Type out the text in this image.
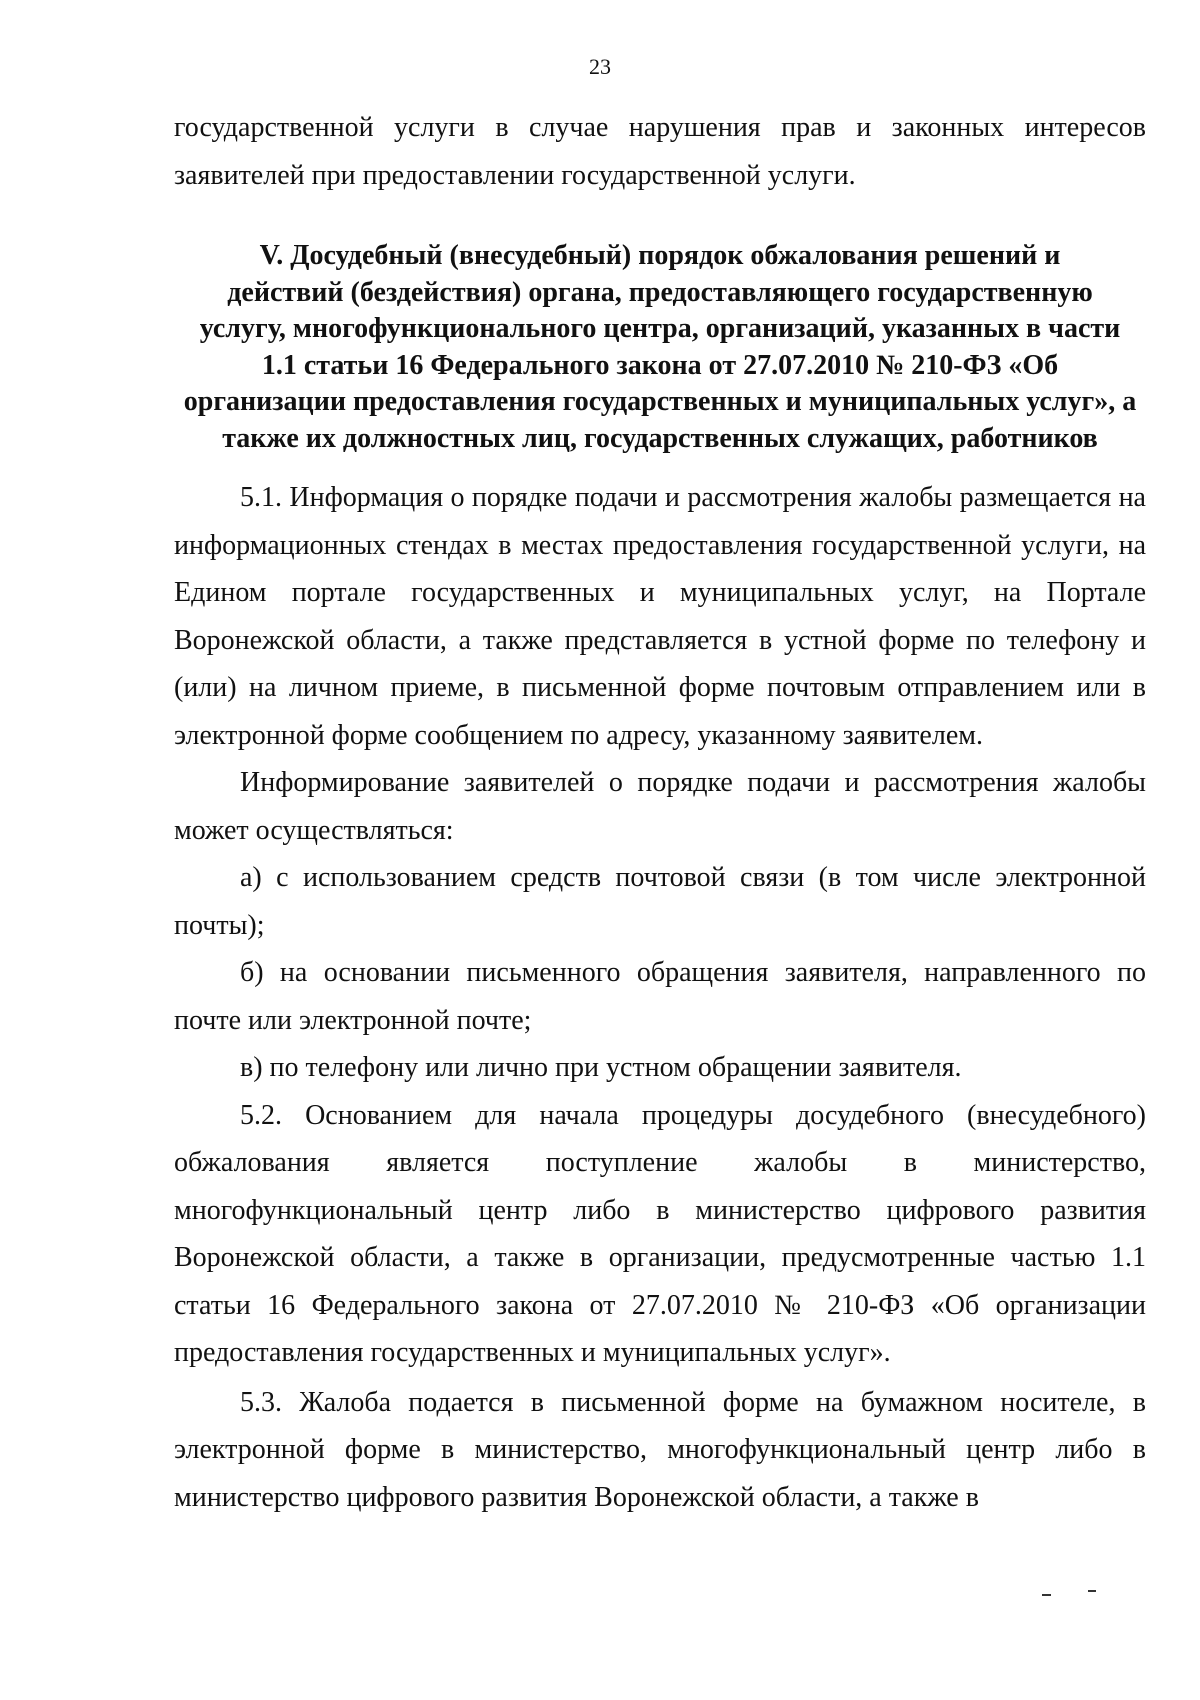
23

государственной услуги в случае нарушения прав и законных интересов заявителей при предоставлении государственной услуги.

V. Досудебный (внесудебный) порядок обжалования решений и
действий (бездействия) органа, предоставляющего государственную
услугу, многофункционального центра, организаций, указанных в части
1.1 статьи 16 Федерального закона от 27.07.2010 № 210-ФЗ «Об
организации предоставления государственных и муниципальных услуг», а
также их должностных лиц, государственных служащих, работников

5.1. Информация о порядке подачи и рассмотрения жалобы размещается на информационных стендах в местах предоставления государственной услуги, на Едином портале государственных и муниципальных услуг, на Портале Воронежской области, а также представляется в устной форме по телефону и (или) на личном приеме, в письменной форме почтовым отправлением или в электронной форме сообщением по адресу, указанному заявителем.

Информирование заявителей о порядке подачи и рассмотрения жалобы может осуществляться:

а) с использованием средств почтовой связи (в том числе электронной почты);

б) на основании письменного обращения заявителя, направленного по почте или электронной почте;

в) по телефону или лично при устном обращении заявителя.

5.2. Основанием для начала процедуры досудебного (внесудебного) обжалования является поступление жалобы в министерство, многофункциональный центр либо в министерство цифрового развития Воронежской области, а также в организации, предусмотренные частью 1.1 статьи 16 Федерального закона от 27.07.2010 № 210-ФЗ «Об организации предоставления государственных и муниципальных услуг».

5.3. Жалоба подается в письменной форме на бумажном носителе, в электронной форме в министерство, многофункциональный центр либо в министерство цифрового развития Воронежской области, а также в
